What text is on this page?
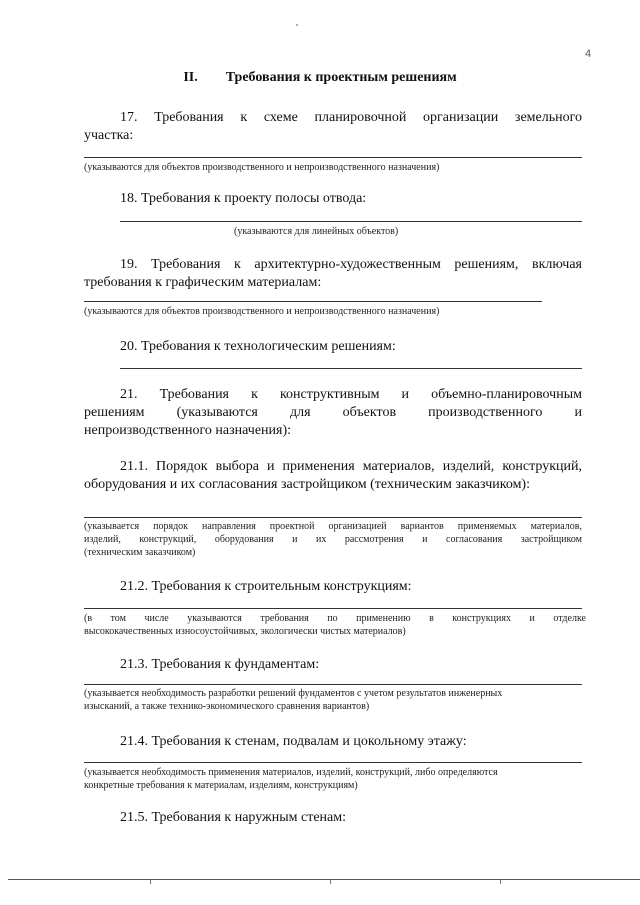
4
II. Требования к проектным решениям
17. Требования к схеме планировочной организации земельного
участка:
(указываются для объектов производственного и непроизводственного назначения)
18. Требования к проекту полосы отвода:
(указываются для линейных объектов)
19. Требования к архитектурно-художественным решениям, включая
требования к графическим материалам:
(указываются для объектов производственного и непроизводственного назначения)
20. Требования к технологическим решениям:
21. Требования к конструктивным и объемно-планировочным
решениям (указываются для объектов производственного и
непроизводственного назначения):
21.1. Порядок выбора и применения материалов, изделий, конструкций,
оборудования и их согласования застройщиком (техническим заказчиком):
(указывается порядок направления проектной организацией вариантов применяемых материалов,
изделий, конструкций, оборудования и их рассмотрения и согласования застройщиком
(техническим заказчиком)
21.2. Требования к строительным конструкциям:
(в том числе указываются требования по применению в конструкциях и отделке
высококачественных износоустойчивых, экологически чистых материалов)
21.3. Требования к фундаментам:
(указывается необходимость разработки решений фундаментов с учетом результатов инженерных
изысканий, а также технико-экономического сравнения вариантов)
21.4. Требования к стенам, подвалам и цокольному этажу:
(указывается необходимость применения материалов, изделий, конструкций, либо определяются
конкретные требования к материалам, изделиям, конструкциям)
21.5. Требования к наружным стенам:
